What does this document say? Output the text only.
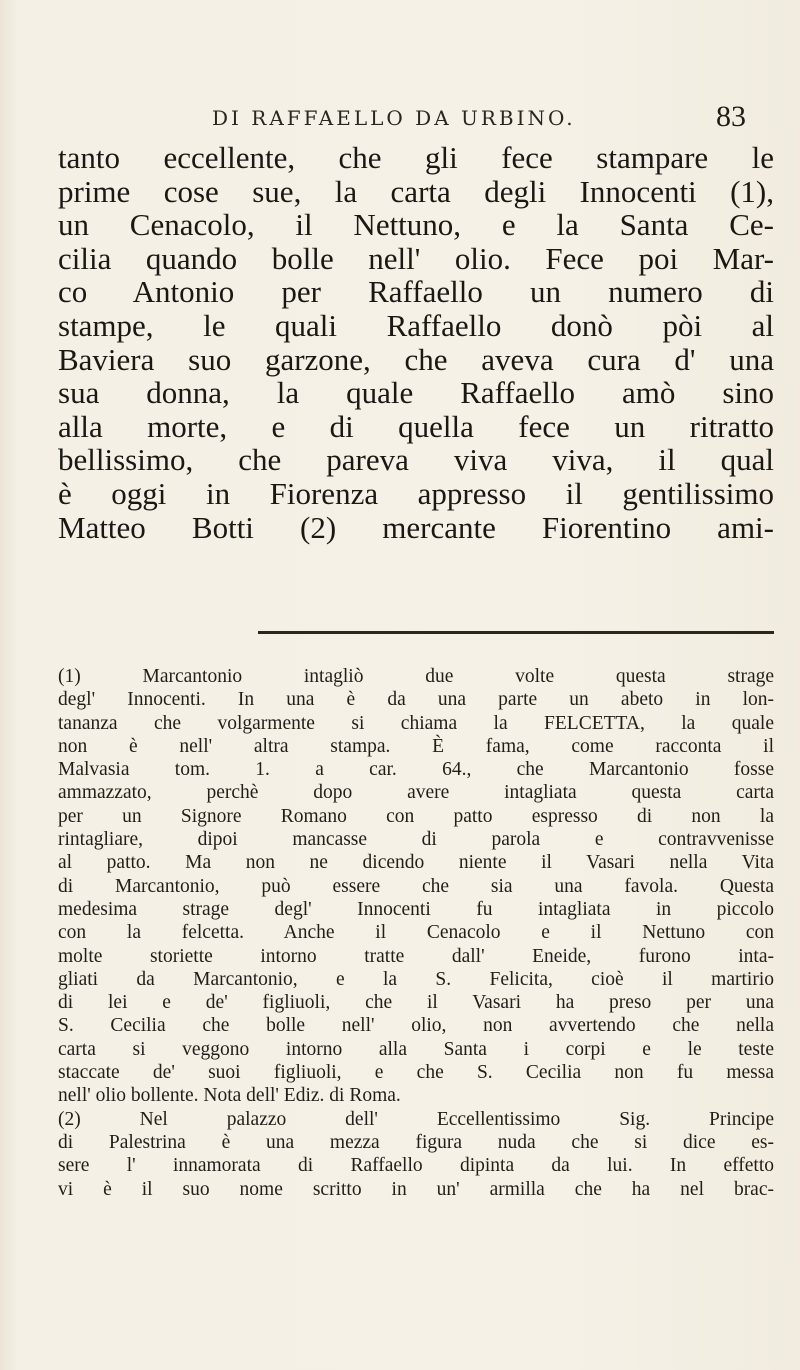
DI RAFFAELLO DA URBINO.	83
tanto eccellente, che gli fece stampare le
prime cose sue, la carta degli Innocenti (1),
un Cenacolo, il Nettuno, e la Santa Ce-
cilia quando bolle nell' olio. Fece poi Mar-
co Antonio per Raffaello un numero di
stampe, le quali Raffaello donò pòi al
Baviera suo garzone, che aveva cura d' una
sua donna, la quale Raffaello amò sino
alla morte, e di quella fece un ritratto
bellissimo, che pareva viva viva, il qual
è oggi in Fiorenza appresso il gentilissimo
Matteo Botti (2) mercante Fiorentino ami-
(1) Marcantonio intagliò due volte questa strage
degl' Innocenti. In una è da una parte un abeto in lon-
tananza che volgarmente si chiama la FELCETTA, la quale
non è nell' altra stampa. È fama, come racconta il
Malvasia tom. 1. a car. 64., che Marcantonio fosse
ammazzato, perchè dopo avere intagliata questa carta
per un Signore Romano con patto espresso di non la
rintagliare, dipoi mancasse di parola e contravvenisse
al patto. Ma non ne dicendo niente il Vasari nella Vita
di Marcantonio, può essere che sia una favola. Questa
medesima strage degl' Innocenti fu intagliata in piccolo
con la felcetta. Anche il Cenacolo e il Nettuno con
molte storiette intorno tratte dall' Eneide, furono inta-
gliati da Marcantonio, e la S. Felicita, cioè il martirio
di lei e de' figliuoli, che il Vasari ha preso per una
S. Cecilia che bolle nell' olio, non avvertendo che nella
carta si veggono intorno alla Santa i corpi e le teste
staccate de' suoi figliuoli, e che S. Cecilia non fu messa
nell' olio bollente. Nota dell' Ediz. di Roma.
(2) Nel palazzo dell' Eccellentissimo Sig. Principe
di Palestrina è una mezza figura nuda che si dice es-
sere l' innamorata di Raffaello dipinta da lui. In effetto
vi è il suo nome scritto in un' armilla che ha nel brac-
